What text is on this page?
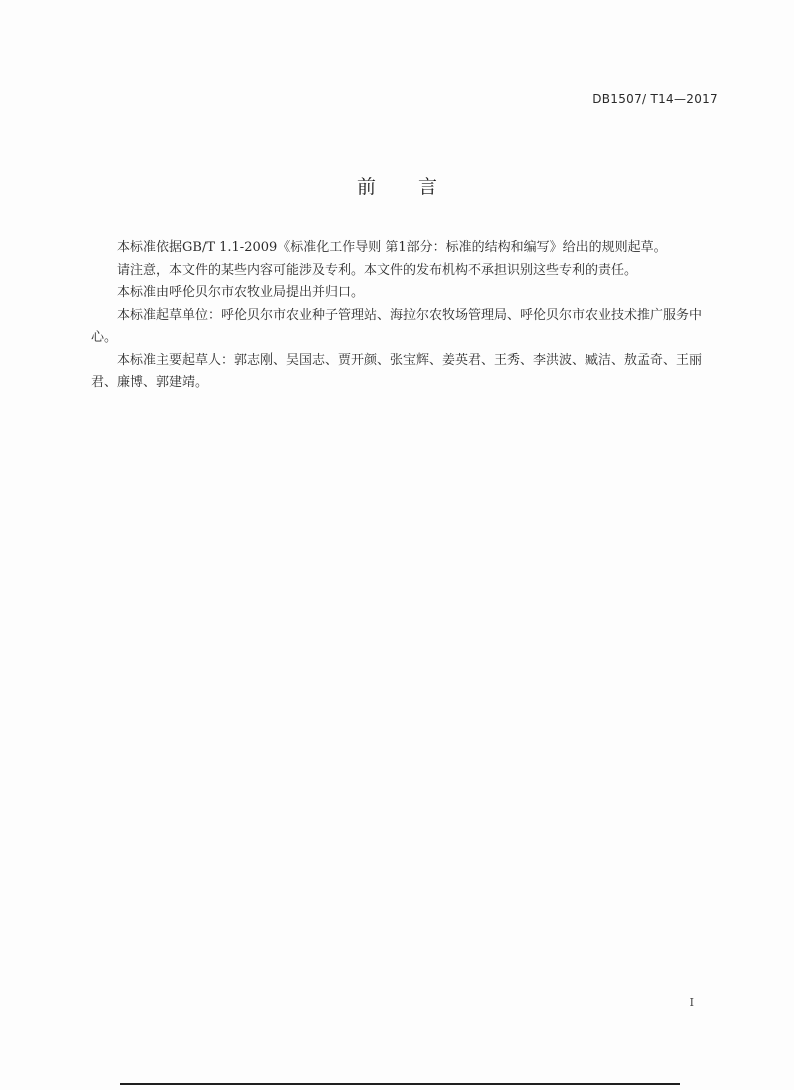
DB1507/ T14—2017
前 言

本标准依据GB/T 1.1-2009《标准化工作导则 第1部分：标准的结构和编写》给出的规则起草。

请注意，本文件的某些内容可能涉及专利。本文件的发布机构不承担识别这些专利的责任。

本标准由呼伦贝尔市农牧业局提出并归口。

本标准起草单位：呼伦贝尔市农业种子管理站、海拉尔农牧场管理局、呼伦贝尔市农业技术推广服务中心。

本标准主要起草人：郭志刚、吴国志、贾开颜、张宝辉、姜英君、王秀、李洪波、臧洁、敖孟奇、王丽君、廉博、郭建靖。

I
